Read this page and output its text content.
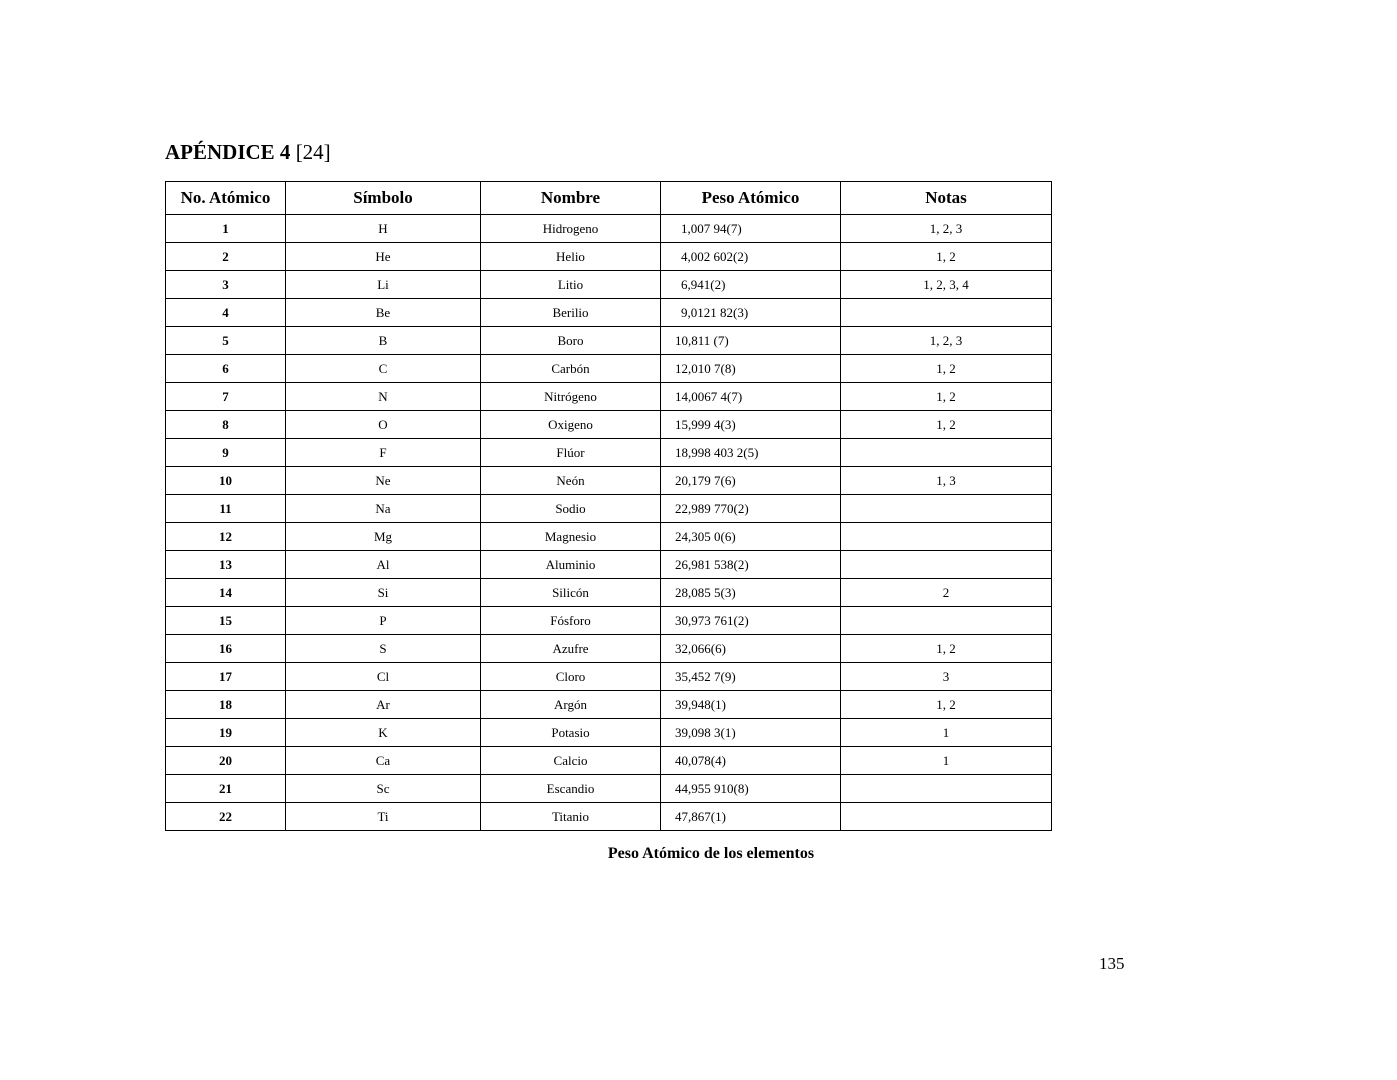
APÉNDICE 4 [24]
No. Atómico	Símbolo	Nombre	Peso Atómico	Notas
1	H	Hidrogeno	1,007 94(7)	1, 2, 3
2	He	Helio	4,002 602(2)	1, 2
3	Li	Litio	6,941(2)	1, 2, 3, 4
4	Be	Berilio	9,0121 82(3)	
5	B	Boro	10,811 (7)	1, 2, 3
6	C	Carbón	12,010 7(8)	1, 2
7	N	Nitrógeno	14,0067 4(7)	1, 2
8	O	Oxigeno	15,999 4(3)	1, 2
9	F	Flúor	18,998 403 2(5)	
10	Ne	Neón	20,179 7(6)	1, 3
11	Na	Sodio	22,989 770(2)	
12	Mg	Magnesio	24,305 0(6)	
13	Al	Aluminio	26,981 538(2)	
14	Si	Silicón	28,085 5(3)	2
15	P	Fósforo	30,973 761(2)	
16	S	Azufre	32,066(6)	1, 2
17	Cl	Cloro	35,452 7(9)	3
18	Ar	Argón	39,948(1)	1, 2
19	K	Potasio	39,098 3(1)	1
20	Ca	Calcio	40,078(4)	1
21	Sc	Escandio	44,955 910(8)	
22	Ti	Titanio	47,867(1)	
Peso Atómico de los elementos
135
